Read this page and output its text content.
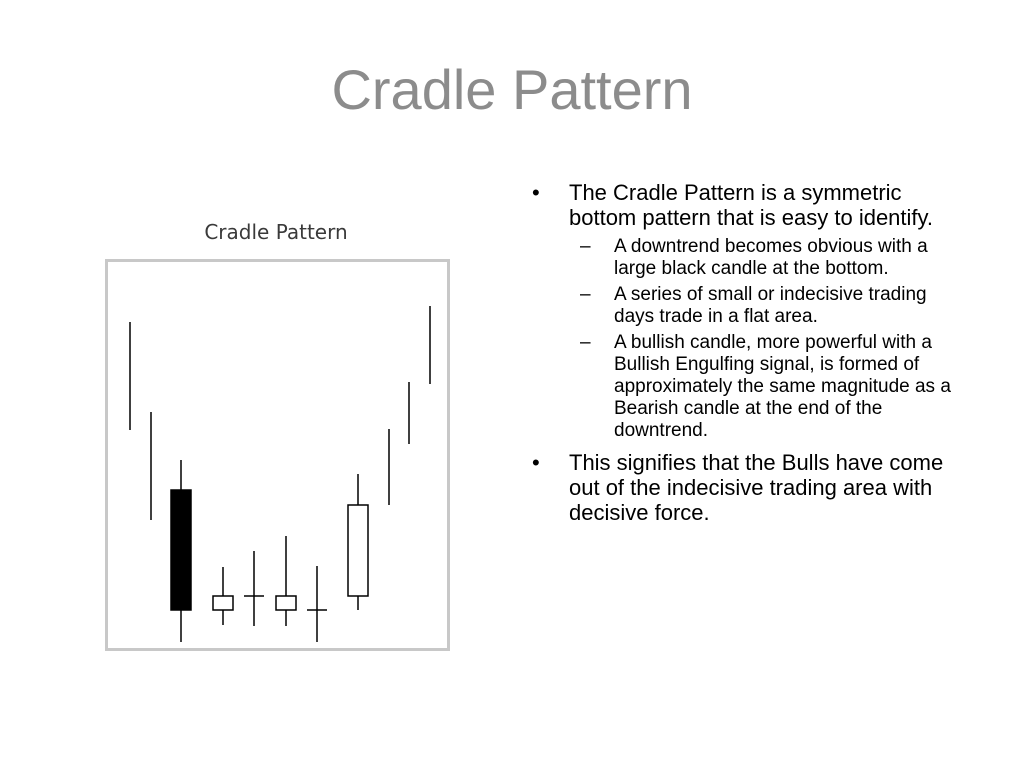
Cradle Pattern
Cradle Pattern
• The Cradle Pattern is a symmetric bottom pattern that is easy to identify.
–	A downtrend becomes obvious with a large black candle at the bottom.
–	A series of small or indecisive trading days trade in a flat area.
–	A bullish candle, more powerful with a Bullish Engulfing signal, is formed of approximately the same magnitude as a Bearish candle at the end of the downtrend.
• This signifies that the Bulls have come out of the indecisive trading area with decisive force.
